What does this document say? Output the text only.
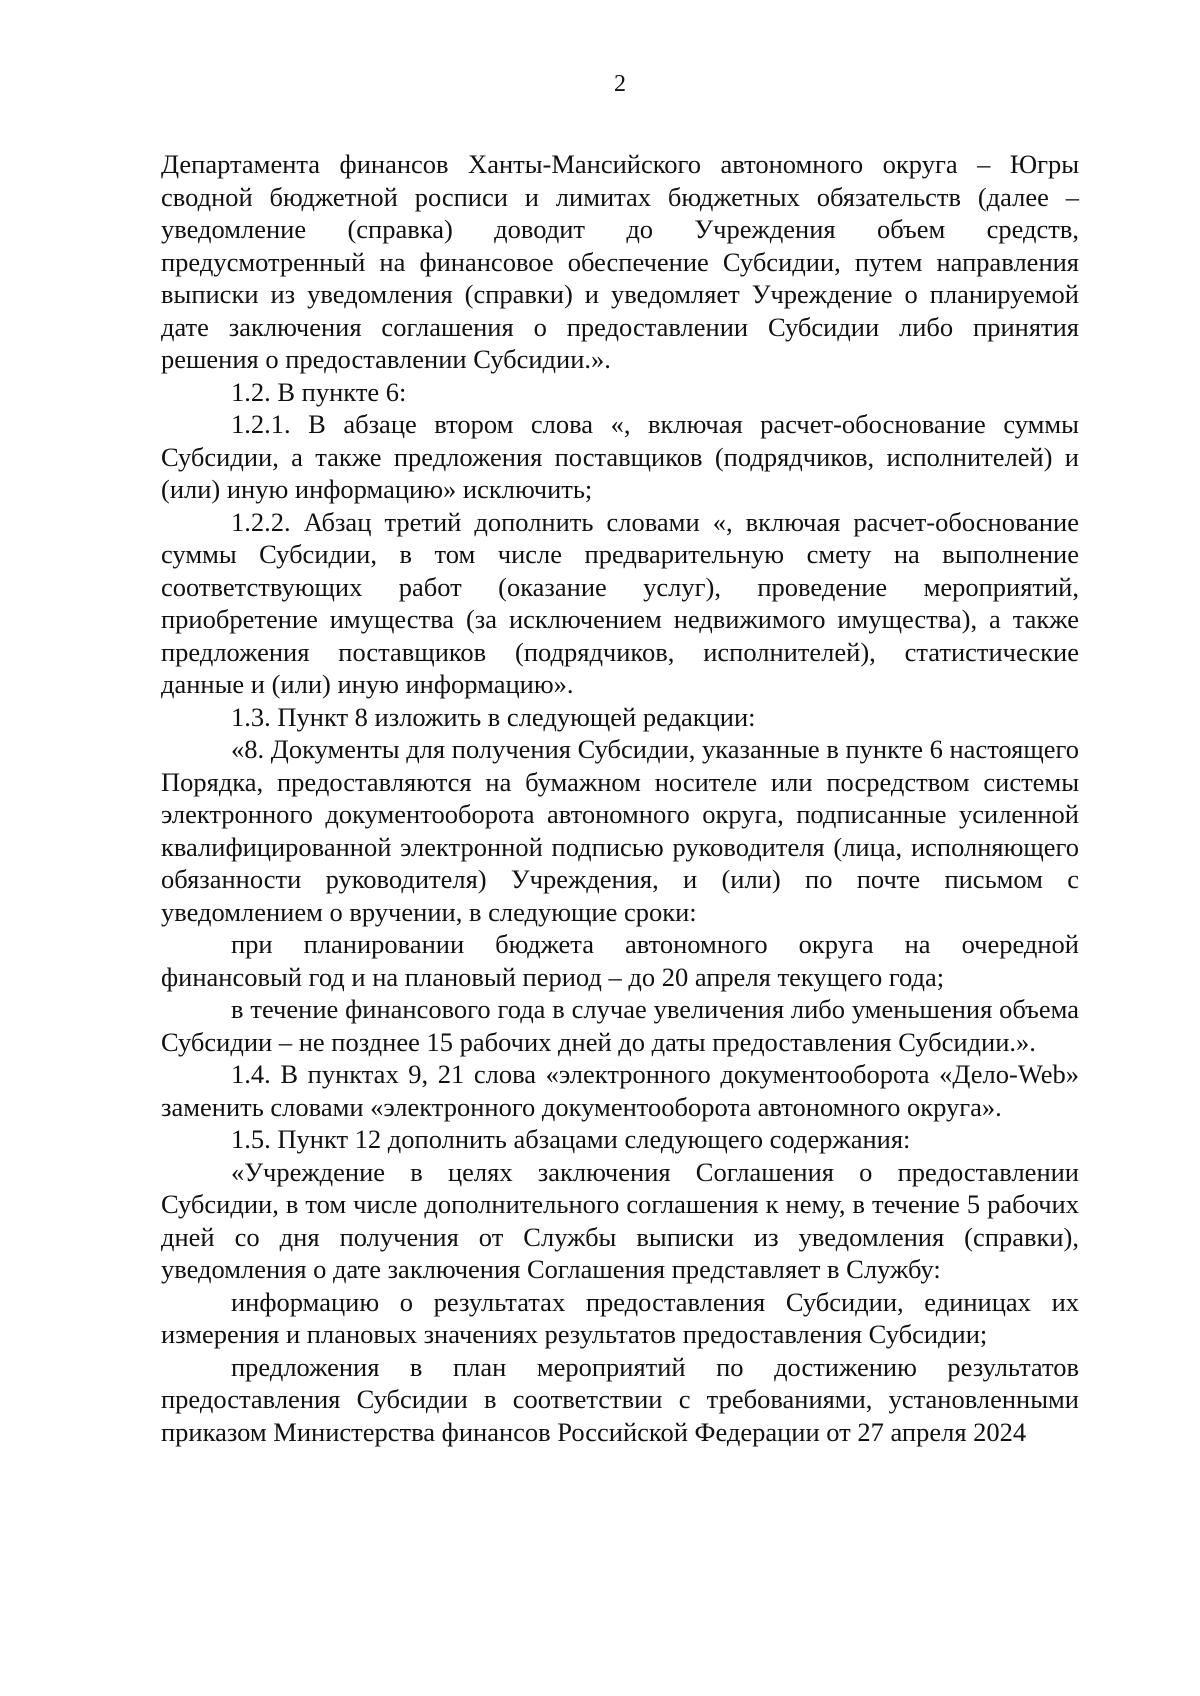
2

Департамента финансов Ханты-Мансийского автономного округа – Югры сводной бюджетной росписи и лимитах бюджетных обязательств (далее – уведомление (справка) доводит до Учреждения объем средств, предусмотренный на финансовое обеспечение Субсидии, путем направления выписки из уведомления (справки) и уведомляет Учреждение о планируемой дате заключения соглашения о предоставлении Субсидии либо принятия решения о предоставлении Субсидии.».

1.2. В пункте 6:

1.2.1. В абзаце втором слова «, включая расчет-обоснование суммы Субсидии, а также предложения поставщиков (подрядчиков, исполнителей) и (или) иную информацию» исключить;

1.2.2. Абзац третий дополнить словами «, включая расчет-обоснование суммы Субсидии, в том числе предварительную смету на выполнение соответствующих работ (оказание услуг), проведение мероприятий, приобретение имущества (за исключением недвижимого имущества), а также предложения поставщиков (подрядчиков, исполнителей), статистические данные и (или) иную информацию».

1.3. Пункт 8 изложить в следующей редакции:

«8. Документы для получения Субсидии, указанные в пункте 6 настоящего Порядка, предоставляются на бумажном носителе или посредством системы электронного документооборота автономного округа, подписанные усиленной квалифицированной электронной подписью руководителя (лица, исполняющего обязанности руководителя) Учреждения, и (или) по почте письмом с уведомлением о вручении, в следующие сроки:

при планировании бюджета автономного округа на очередной финансовый год и на плановый период – до 20 апреля текущего года;

в течение финансового года в случае увеличения либо уменьшения объема Субсидии – не позднее 15 рабочих дней до даты предоставления Субсидии.».

1.4. В пунктах 9, 21 слова «электронного документооборота «Дело-Web» заменить словами «электронного документооборота автономного округа».

1.5. Пункт 12 дополнить абзацами следующего содержания:

«Учреждение в целях заключения Соглашения о предоставлении Субсидии, в том числе дополнительного соглашения к нему, в течение 5 рабочих дней со дня получения от Службы выписки из уведомления (справки), уведомления о дате заключения Соглашения представляет в Службу:

информацию о результатах предоставления Субсидии, единицах их измерения и плановых значениях результатов предоставления Субсидии;

предложения в план мероприятий по достижению результатов предоставления Субсидии в соответствии с требованиями, установленными приказом Министерства финансов Российской Федерации от 27 апреля 2024
